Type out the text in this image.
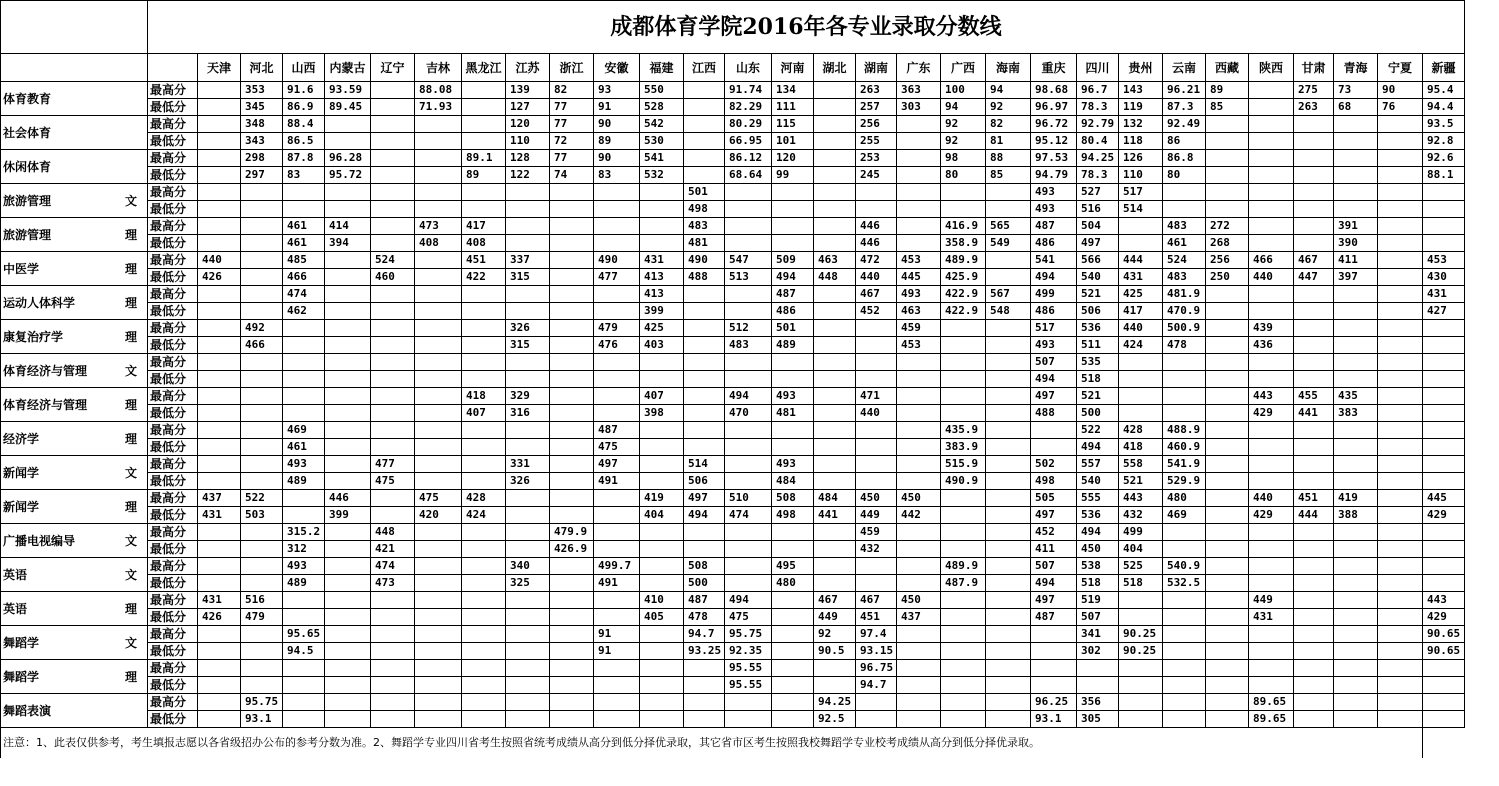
	成都体育学院2016年各专业录取分数线																													
		天津	河北	山西	内蒙古	辽宁	吉林	黑龙江	江苏	浙江	安徽	福建	江西	山东	河南	湖北	湖南	广东	广西	海南	重庆	四川	贵州	云南	西藏	陕西	甘肃	青海	宁夏	新疆

体育教育	最高分		353	91.6	93.59		88.08		139	82	93	550		91.74	134		263	363	100	94	98.68	96.7	143	96.21	89		275	73	90	95.4
	最低分		345	86.9	89.45		71.93		127	77	91	528		82.29	111		257	303	94	92	96.97	78.3	119	87.3	85		263	68	76	94.4

社会体育	最高分		348	88.4					120	77	90	542		80.29	115		256		92	82	96.72	92.79	132	92.49						93.5
	最低分		343	86.5					110	72	89	530		66.95	101		255		92	81	95.12	80.4	118	86						92.8

休闲体育	最高分		298	87.8	96.28			89.1	128	77	90	541		86.12	120		253		98	88	97.53	94.25	126	86.8						92.6
	最低分		297	83	95.72			89	122	74	83	532		68.64	99		245		80	85	94.79	78.3	110	80						88.1

旅游管理 文	最高分												501								493	527	517							
	最低分												498								493	516	514							

旅游管理 理	最高分			461	414		473	417					483				446		416.9	565	487	504		483	272			391		
	最低分			461	394		408	408					481				446		358.9	549	486	497		461	268			390		

中医学 理	最高分	440		485		524		451	337		490	431	490	547	509	463	472	453	489.9		541	566	444	524	256	466	467	411		453
	最低分	426		466		460		422	315		477	413	488	513	494	448	440	445	425.9		494	540	431	483	250	440	447	397		430

运动人体科学 理	最高分			474								413			487		467	493	422.9	567	499	521	425	481.9						431
	最低分			462								399			486		452	463	422.9	548	486	506	417	470.9						427

康复治疗学 理	最高分		492						326		479	425		512	501			459			517	536	440	500.9		439				
	最低分		466						315		476	403		483	489			453			493	511	424	478		436				

体育经济与管理 文	最高分																				507	535								
	最低分																				494	518								

体育经济与管理 理	最高分							418	329			407		494	493		471				497	521				443	455	435		
	最低分							407	316			398		470	481		440				488	500				429	441	383		

经济学 理	最高分			469							487								435.9			522	428	488.9						
	最低分			461							475								383.9			494	418	460.9						

新闻学 文	最高分			493		477			331		497		514		493				515.9		502	557	558	541.9						
	最低分			489		475			326		491		506		484				490.9		498	540	521	529.9						

新闻学 理	最高分	437	522		446		475	428				419	497	510	508	484	450	450			505	555	443	480		440	451	419		445
	最低分	431	503		399		420	424				404	494	474	498	441	449	442			497	536	432	469		429	444	388		429

广播电视编导 文	最高分			315.2		448				479.9							459				452	494	499							
	最低分			312		421				426.9							432				411	450	404							

英语 文	最高分			493		474			340		499.7		508		495				489.9		507	538	525	540.9						
	最低分			489		473			325		491		500		480				487.9		494	518	518	532.5						

英语 理	最高分	431	516									410	487	494		467	467	450			497	519				449				443
	最低分	426	479									405	478	475		449	451	437			487	507				431				429

舞蹈学 文	最高分			95.65							91		94.7	95.75		92	97.4					341	90.25							90.65
	最低分			94.5							91		93.25	92.35		90.5	93.15					302	90.25							90.65

舞蹈学 理	最高分													95.55			96.75													
	最低分													95.55			94.7													

舞蹈表演	最高分		95.75													94.25					96.25	356				89.65				
	最低分		93.1													92.5					93.1	305				89.65				
注意：1、此表仅供参考，考生填报志愿以各省级招办公布的参考分数为准。2、舞蹈学专业四川省考生按照省统考成绩从高分到低分择优录取，其它省市区考生按照我校舞蹈学专业校考成绩从高分到低分择优录取。																														
